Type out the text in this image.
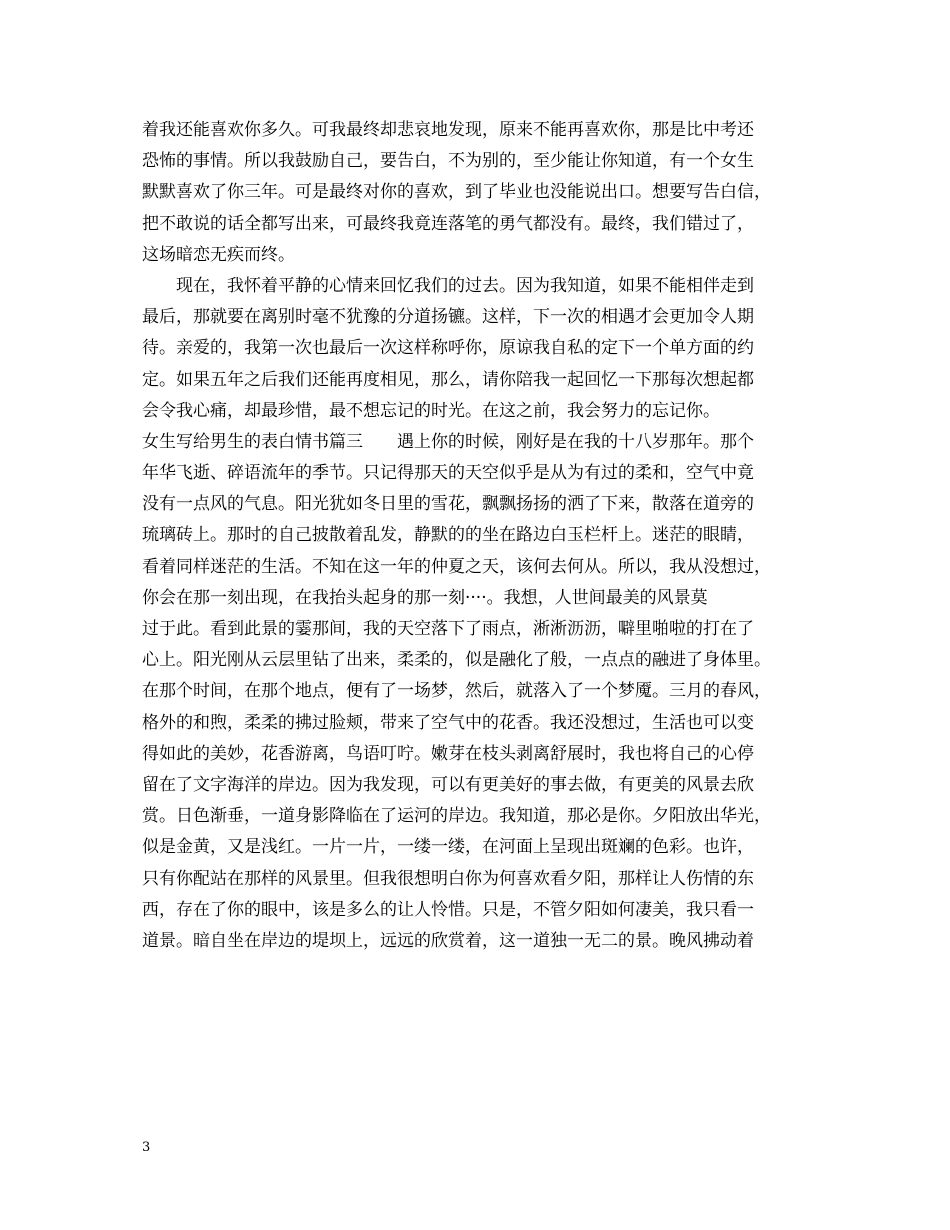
着我还能喜欢你多久。可我最终却悲哀地发现，原来不能再喜欢你，那是比中考还
恐怖的事情。所以我鼓励自己，要告白，不为别的，至少能让你知道，有一个女生
默默喜欢了你三年。可是最终对你的喜欢，到了毕业也没能说出口。想要写告白信，
把不敢说的话全都写出来，可最终我竟连落笔的勇气都没有。最终，我们错过了，
这场暗恋无疾而终。
现在，我怀着平静的心情来回忆我们的过去。因为我知道，如果不能相伴走到
最后，那就要在离别时毫不犹豫的分道扬镳。这样，下一次的相遇才会更加令人期
待。亲爱的，我第一次也最后一次这样称呼你，原谅我自私的定下一个单方面的约
定。如果五年之后我们还能再度相见，那么，请你陪我一起回忆一下那每次想起都
会令我心痛，却最珍惜，最不想忘记的时光。在这之前，我会努力的忘记你。
女生写给男生的表白情书篇三　　遇上你的时候，刚好是在我的十八岁那年。那个
年华飞逝、碎语流年的季节。只记得那天的天空似乎是从为有过的柔和，空气中竟
没有一点风的气息。阳光犹如冬日里的雪花，飘飘扬扬的洒了下来，散落在道旁的
琉璃砖上。那时的自己披散着乱发，静默的的坐在路边白玉栏杆上。迷茫的眼睛，
看着同样迷茫的生活。不知在这一年的仲夏之天，该何去何从。所以，我从没想过，
你会在那一刻出现，在我抬头起身的那一刻····。我想，人世间最美的风景莫
过于此。看到此景的霎那间，我的天空落下了雨点，淅淅沥沥，噼里啪啦的打在了
心上。阳光刚从云层里钻了出来，柔柔的，似是融化了般，一点点的融进了身体里。
在那个时间，在那个地点，便有了一场梦，然后，就落入了一个梦魇。三月的春风，
格外的和煦，柔柔的拂过脸颊，带来了空气中的花香。我还没想过，生活也可以变
得如此的美妙，花香游离，鸟语叮咛。嫩芽在枝头剥离舒展时，我也将自己的心停
留在了文字海洋的岸边。因为我发现，可以有更美好的事去做，有更美的风景去欣
赏。日色渐垂，一道身影降临在了运河的岸边。我知道，那必是你。夕阳放出华光，
似是金黄，又是浅红。一片一片，一缕一缕，在河面上呈现出斑斓的色彩。也许，
只有你配站在那样的风景里。但我很想明白你为何喜欢看夕阳，那样让人伤情的东
西，存在了你的眼中，该是多么的让人怜惜。只是，不管夕阳如何凄美，我只看一
道景。暗自坐在岸边的堤坝上，远远的欣赏着，这一道独一无二的景。晚风拂动着
3
